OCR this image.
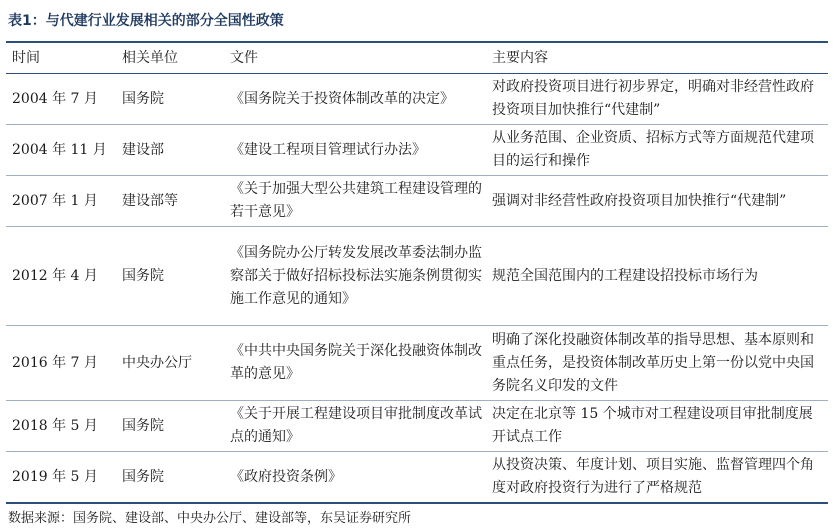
表1：与代建行业发展相关的部分全国性政策
时间	相关单位	文件	主要内容
2004 年 7 月	国务院	《国务院关于投资体制改革的决定》	对政府投资项目进行初步界定，明确对非经营性政府投资项目加快推行“代建制”
2004 年 11 月	建设部	《建设工程项目管理试行办法》	从业务范围、企业资质、招标方式等方面规范代建项目的运行和操作
2007 年 1 月	建设部等	《关于加强大型公共建筑工程建设管理的若干意见》	强调对非经营性政府投资项目加快推行“代建制”
2012 年 4 月	国务院	《国务院办公厅转发发展改革委法制办监察部关于做好招标投标法实施条例贯彻实施工作意见的通知》	规范全国范围内的工程建设招投标市场行为
2016 年 7 月	中央办公厅	《中共中央国务院关于深化投融资体制改革的意见》	明确了深化投融资体制改革的指导思想、基本原则和重点任务，是投资体制改革历史上第一份以党中央国务院名义印发的文件
2018 年 5 月	国务院	《关于开展工程建设项目审批制度改革试点的通知》	决定在北京等 15 个城市对工程建设项目审批制度展开试点工作
2019 年 5 月	国务院	《政府投资条例》	从投资决策、年度计划、项目实施、监督管理四个角度对政府投资行为进行了严格规范
数据来源：国务院、建设部、中央办公厅、建设部等，东吴证券研究所
